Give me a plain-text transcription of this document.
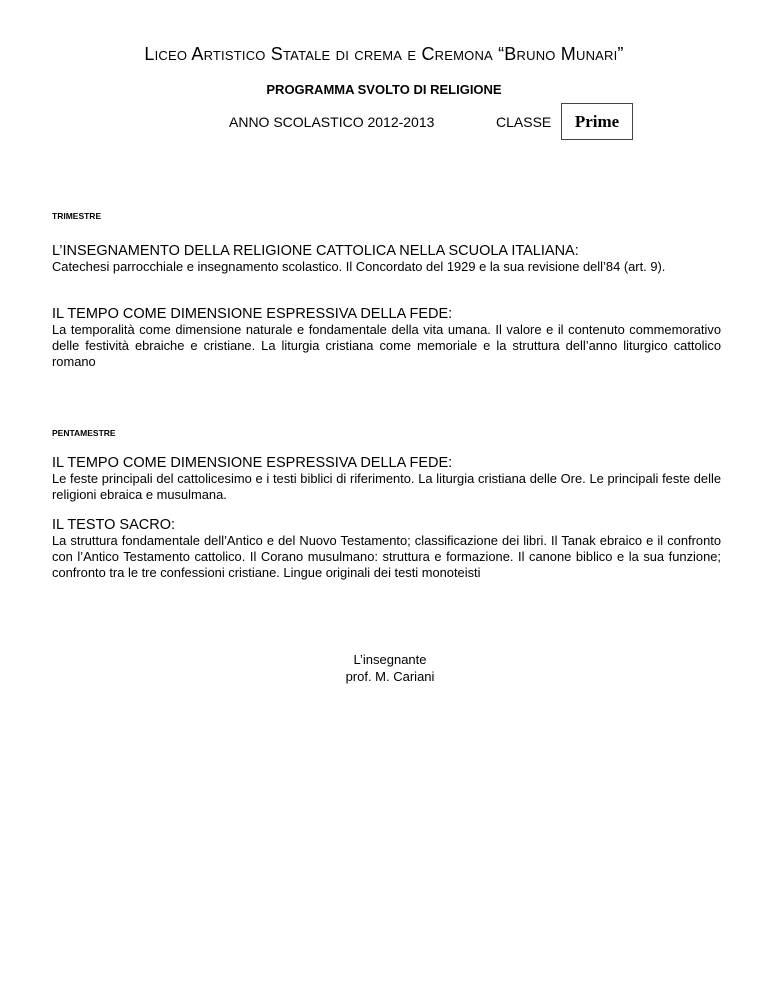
Liceo Artistico Statale di crema e Cremona “Bruno Munari”
PROGRAMMA SVOLTO DI RELIGIONE
ANNO SCOLASTICO 2012-2013	CLASSE Prime
TRIMESTRE
L’INSEGNAMENTO DELLA RELIGIONE CATTOLICA NELLA SCUOLA ITALIANA:
Catechesi parrocchiale e insegnamento scolastico. Il Concordato del 1929 e la sua revisione dell’84 (art. 9).
IL TEMPO COME DIMENSIONE ESPRESSIVA DELLA FEDE:
La temporalità come dimensione naturale e fondamentale della vita umana. Il valore e il contenuto commemorativo delle festività ebraiche e cristiane. La liturgia cristiana come memoriale e la struttura dell’anno liturgico cattolico romano
PENTAMESTRE
IL TEMPO COME DIMENSIONE ESPRESSIVA DELLA FEDE:
Le feste principali del cattolicesimo e i testi biblici di riferimento. La liturgia cristiana delle Ore. Le principali feste delle religioni ebraica e musulmana.
IL TESTO SACRO:
La struttura fondamentale dell’Antico e del Nuovo Testamento; classificazione dei libri. Il Tanak ebraico e il confronto con l’Antico Testamento cattolico. Il Corano musulmano: struttura e formazione. Il canone biblico e la sua funzione; confronto tra le tre confessioni cristiane. Lingue originali dei testi monoteisti
L’insegnante
prof. M. Cariani
